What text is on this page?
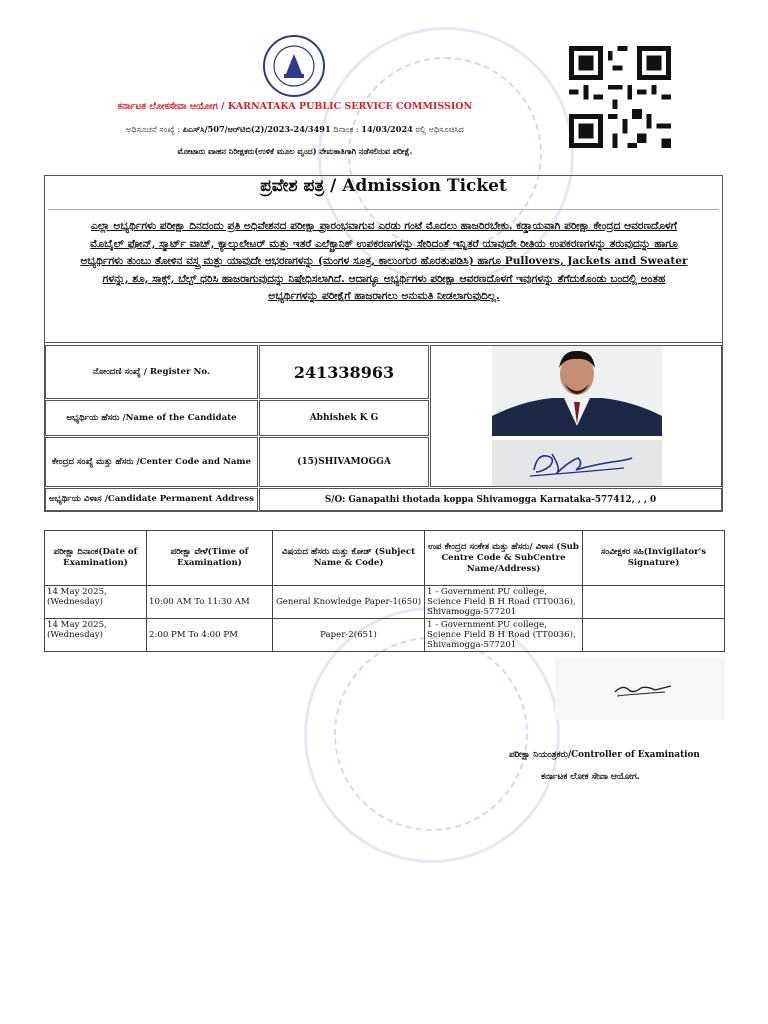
ಕರ್ನಾಟಕ ಲೋಕಸೇವಾ ಆಯೋಗ / KARNATAKA PUBLIC SERVICE COMMISSION
ಅಧಿಸೂಚನೆ ಸಂಖ್ಯೆ : ಪಿಎಸ್‌ಸಿ/507/ಆರ್‌ಟಿಬಿ(2)/2023-24/3491 ದಿನಾಂಕ : 14/03/2024 ರಲ್ಲಿ ಅಧಿಸೂಚಿಸಿದ
ಮೋಟಾರು ವಾಹನ ನಿರೀಕ್ಷಕರು(ಉಳಿಕೆ ಮೂಲ ವೃಂದ) ನೇಮಕಾತಿಗಾಗಿ ನಡೆಸಲಿರುವ ಪರೀಕ್ಷೆ.
ಪ್ರವೇಶ ಪತ್ರ / Admission Ticket
ಎಲ್ಲಾ ಅಭ್ಯರ್ಥಿಗಳು ಪರೀಕ್ಷಾ ದಿನದಂದು ಪ್ರತಿ ಅಧಿವೇಶನದ ಪರೀಕ್ಷಾ ಪ್ರಾರಂಭವಾಗುವ ಎರಡು ಗಂಟೆ ಮೊದಲು ಹಾಜರಿರಬೇಕು. ಕಡ್ಡಾಯವಾಗಿ ಪರೀಕ್ಷಾ ಕೇಂದ್ರದ ಆವರಣದೊಳಗೆ ಮೊಬೈಲ್ ಫೋನ್, ಸ್ಮಾರ್ಟ್ ವಾಚ್, ಕ್ಯಾಲ್ಕುಲೇಟರ್ ಮತ್ತು ಇತರೆ ಎಲೆಕ್ಟ್ರಾನಿಕ್ ಉಪಕರಣಗಳನ್ನು ಸೇರಿದಂತೆ ಇನ್ನಿತರೆ ಯಾವುದೇ ರೀತಿಯ ಉಪಕರಣಗಳನ್ನು ತರುವುದನ್ನು ಹಾಗೂ ಅಭ್ಯರ್ಥಿಗಳು ತುಂಬು ತೋಳಿನ ವಸ್ತ್ರ ಮತ್ತು ಯಾವುದೇ ಆಭರಣಗಳನ್ನು (ಮಂಗಳ ಸೂತ್ರ, ಕಾಲುಂಗುರ ಹೊರತುಪಡಿಸಿ) ಹಾಗೂ Pullovers, Jackets and Sweater ಗಳನ್ನು, ಶೂ, ಸಾಕ್ಸ್, ಬೆಲ್ಟ್ ಧರಿಸಿ ಹಾಜರಾಗುವುದನ್ನು ನಿಷೇಧಿಸಲಾಗಿದೆ. ಆದಾಗ್ಯೂ ಅಭ್ಯರ್ಥಿಗಳು ಪರೀಕ್ಷಾ ಆವರಣದೊಳಗೆ ಇವುಗಳನ್ನು ತೆಗೆದುಕೊಂಡು ಬಂದಲ್ಲಿ ಅಂತಹ ಅಭ್ಯರ್ಥಿಗಳನ್ನು ಪರೀಕ್ಷೆಗೆ ಹಾಜರಾಗಲು ಅನುಮತಿ ನೀಡಲಾಗುವುದಿಲ್ಲ.
ನೋಂದಣಿ ಸಂಖ್ಯೆ / Register No.	241338963
ಅಭ್ಯರ್ಥಿಯ ಹೆಸರು /Name of the Candidate	Abhishek K G
ಕೇಂದ್ರದ ಸಂಖ್ಯೆ ಮತ್ತು ಹೆಸರು /Center Code and Name	(15)SHIVAMOGGA
ಅಭ್ಯರ್ಥಿಯ ವಿಳಾಸ /Candidate Permanent Address	S/O: Ganapathi thotada koppa Shivamogga Karnataka-577412, , , 0
ಪರೀಕ್ಷಾ ದಿನಾಂಕ(Date of Examination)	ಪರೀಕ್ಷಾ ವೇಳೆ(Time of Examination)	ವಿಷಯದ ಹೆಸರು ಮತ್ತು ಕೋಡ್ (Subject Name & Code)	ಉಪ ಕೇಂದ್ರದ ಸಂಕೇತ ಮತ್ತು ಹೆಸರು/ ವಿಳಾಸ (Sub Centre Code & SubCentre Name/Address)	ಸಂವೀಕ್ಷಕರ ಸಹಿ(Invigilator's Signature)
14 May 2025, (Wednesday)	10:00 AM To 11:30 AM	General Knowledge Paper-1(650)	1 - Government PU college, Science Field B H Road (TT0036), Shivamogga-577201	
14 May 2025, (Wednesday)	2:00 PM To 4:00 PM	Paper-2(651)	1 - Government PU college, Science Field B H Road (TT0036), Shivamogga-577201	
ಪರೀಕ್ಷಾ ನಿಯಂತ್ರಕರು/Controller of Examination
ಕರ್ನಾಟಕ ಲೋಕ ಸೇವಾ ಆಯೋಗ.
